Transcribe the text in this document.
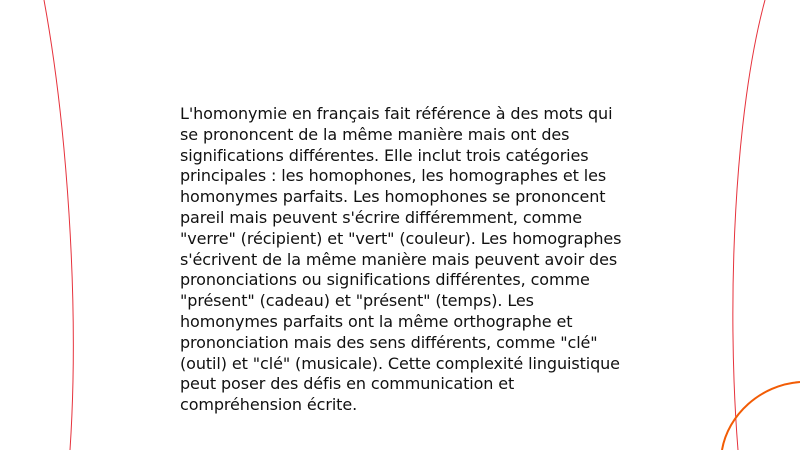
L'homonymie en français fait référence à des mots qui se prononcent de la même manière mais ont des significations différentes. Elle inclut trois catégories principales : les homophones, les homographes et les homonymes parfaits. Les homophones se prononcent pareil mais peuvent s'écrire différemment, comme "verre" (récipient) et "vert" (couleur). Les homographes s'écrivent de la même manière mais peuvent avoir des prononciations ou significations différentes, comme "présent" (cadeau) et "présent" (temps). Les homonymes parfaits ont la même orthographe et prononciation mais des sens différents, comme "clé" (outil) et "clé" (musicale). Cette complexité linguistique peut poser des défis en communication et compréhension écrite.
